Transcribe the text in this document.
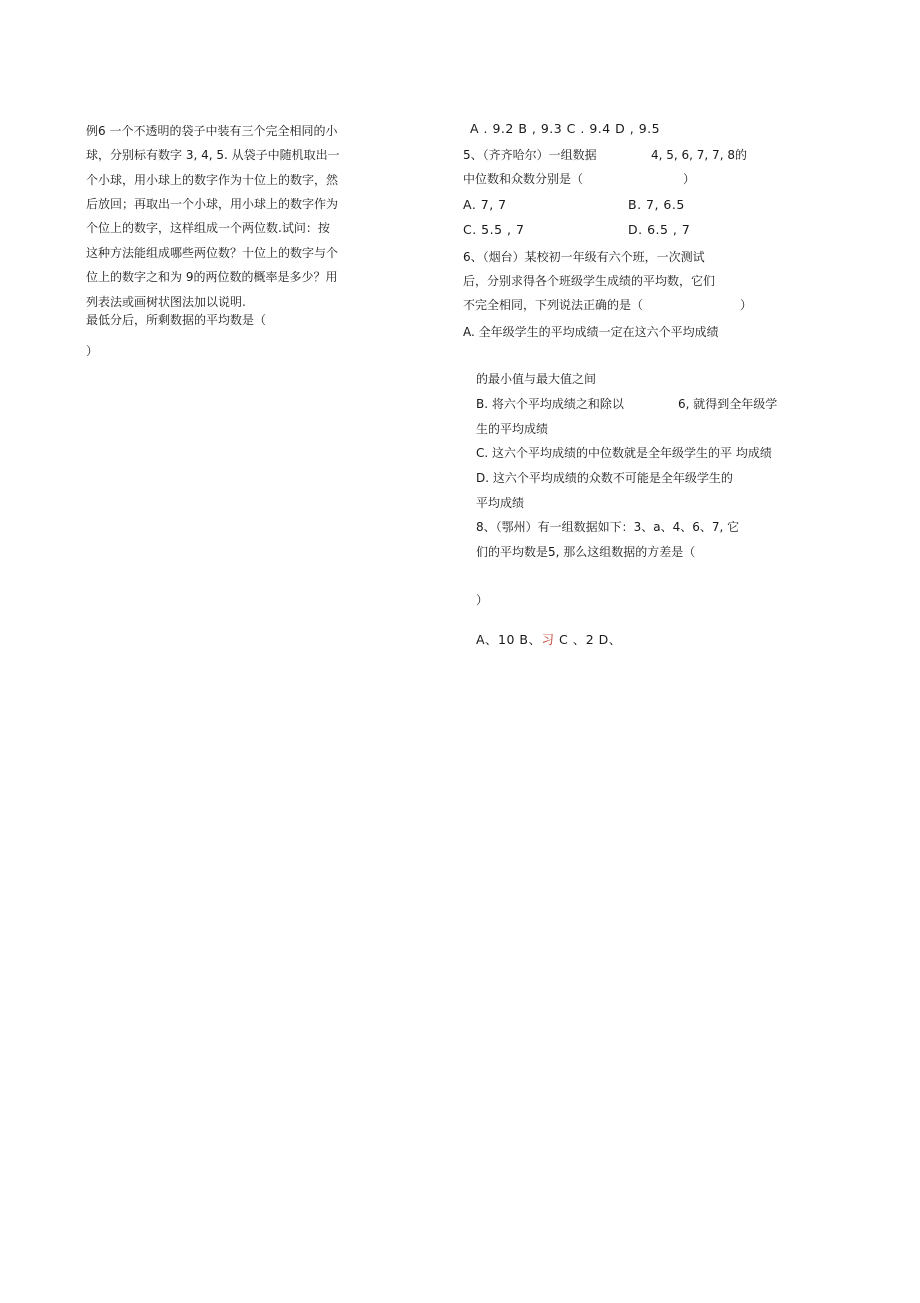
例6 一个不透明的袋子中装有三个完全相同的小
球，分别标有数字 3, 4, 5. 从袋子中随机取出一
个小球，用小球上的数字作为十位上的数字，然
后放回；再取出一个小球，用小球上的数字作为
个位上的数字，这样组成一个两位数.试问：按
这种方法能组成哪些两位数？十位上的数字与个
位上的数字之和为 9的两位数的概率是多少？用
列表法或画树状图法加以说明.
最低分后，所剩数据的平均数是（
）
A . 9.2 B , 9.3 C . 9.4 D , 9.5
5、（齐齐哈尔）一组数据	4, 5, 6, 7, 7, 8的
中位数和众数分别是（	）
A. 7, 7	B. 7, 6.5
C. 5.5 , 7	D. 6.5 , 7
6、（烟台）某校初一年级有六个班，一次测试
后，分别求得各个班级学生成绩的平均数，它们
不完全相同，下列说法正确的是（	）
A. 全年级学生的平均成绩一定在这六个平均成绩
的最小值与最大值之间
B. 将六个平均成绩之和除以	6, 就得到全年级学
生的平均成绩
C. 这六个平均成绩的中位数就是全年级学生的平 均成绩
D. 这六个平均成绩的众数不可能是全年级学生的
平均成绩
8、（鄂州）有一组数据如下：3、a、4、6、7, 它
们的平均数是5, 那么这组数据的方差是（
）
A、10 B、习 C 、2 D、
